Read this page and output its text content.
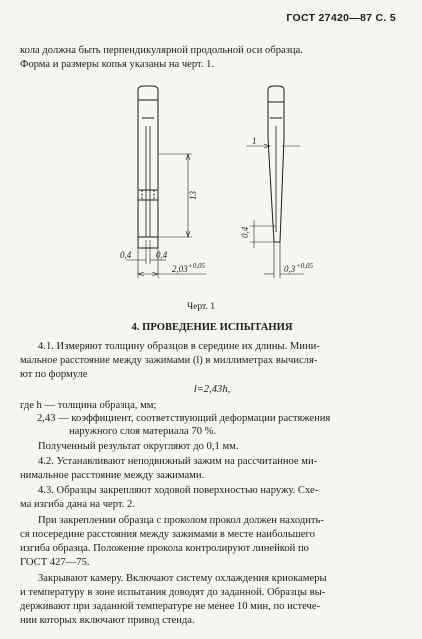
ГОСТ 27420—87 С. 5
кола должна быть перпендикулярной продольной оси образца.
Форма и размеры копья указаны на черт. 1.
13
0,4	0,4
2,03 +0,05
1
0,4
0,3 +0,05
Черт. 1
4. ПРОВЕДЕНИЕ ИСПЫТАНИЯ
4.1. Измеряют толщину образцов в середине их длины. Мини-
мальное расстояние между зажимами (l) в миллиметрах вычисля-
ют по формуле
l=2,43h,
где h — толщина образца, мм;
2,43 — коэффициент, соответствующий деформации растяжения
наружного слоя материала 70 %.
Полученный результат округляют до 0,1 мм.
4.2. Устанавливают неподвижный зажим на рассчитанное ми-
нимальное расстояние между зажимами.
4.3. Образцы закрепляют ходовой поверхностью наружу. Схе-
ма изгиба дана на черт. 2.
При закреплении образца с проколом прокол должен находить-
ся посередине расстояния между зажимами в месте наибольшего
изгиба образца. Положение прокола контролируют линейкой по
ГОСТ 427—75.
Закрывают камеру. Включают систему охлаждения криокамеры
и температуру в зоне испытания доводят до заданной. Образцы вы-
держивают при заданной температуре не менее 10 мин, по истече-
нии которых включают привод стенда.
